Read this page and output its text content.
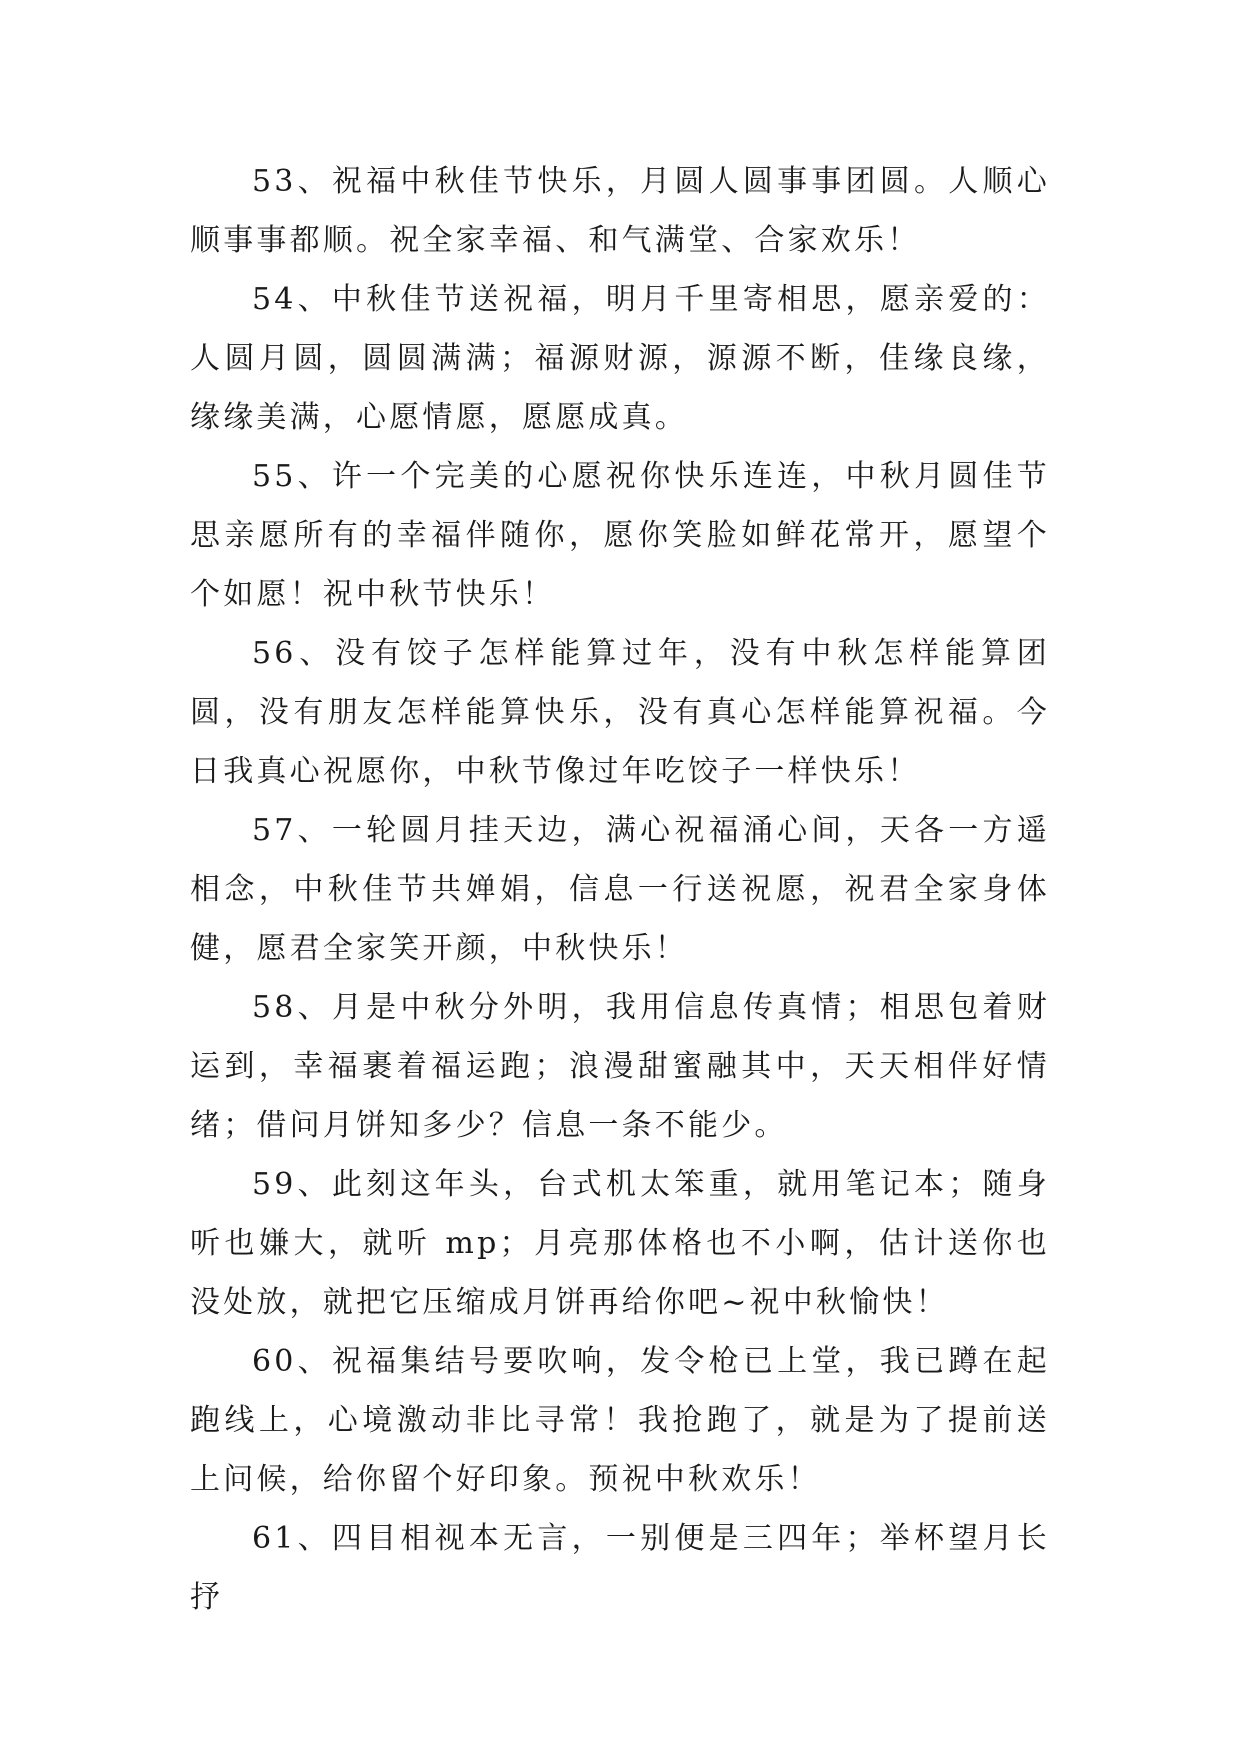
53、祝福中秋佳节快乐，月圆人圆事事团圆。人顺心顺事事都顺。祝全家幸福、和气满堂、合家欢乐！

54、中秋佳节送祝福，明月千里寄相思，愿亲爱的：人圆月圆，圆圆满满；福源财源，源源不断，佳缘良缘，缘缘美满，心愿情愿，愿愿成真。

55、许一个完美的心愿祝你快乐连连，中秋月圆佳节思亲愿所有的幸福伴随你，愿你笑脸如鲜花常开，愿望个个如愿！祝中秋节快乐！

56、没有饺子怎样能算过年，没有中秋怎样能算团圆，没有朋友怎样能算快乐，没有真心怎样能算祝福。今日我真心祝愿你，中秋节像过年吃饺子一样快乐！

57、一轮圆月挂天边，满心祝福涌心间，天各一方遥相念，中秋佳节共婵娟，信息一行送祝愿，祝君全家身体健，愿君全家笑开颜，中秋快乐！

58、月是中秋分外明，我用信息传真情；相思包着财运到，幸福裹着福运跑；浪漫甜蜜融其中，天天相伴好情绪；借问月饼知多少？信息一条不能少。

59、此刻这年头，台式机太笨重，就用笔记本；随身听也嫌大，就听 mp；月亮那体格也不小啊，估计送你也没处放，就把它压缩成月饼再给你吧~祝中秋愉快！

60、祝福集结号要吹响，发令枪已上堂，我已蹲在起跑线上，心境激动非比寻常！我抢跑了，就是为了提前送上问候，给你留个好印象。预祝中秋欢乐！

61、四目相视本无言，一别便是三四年；举杯望月长抒
